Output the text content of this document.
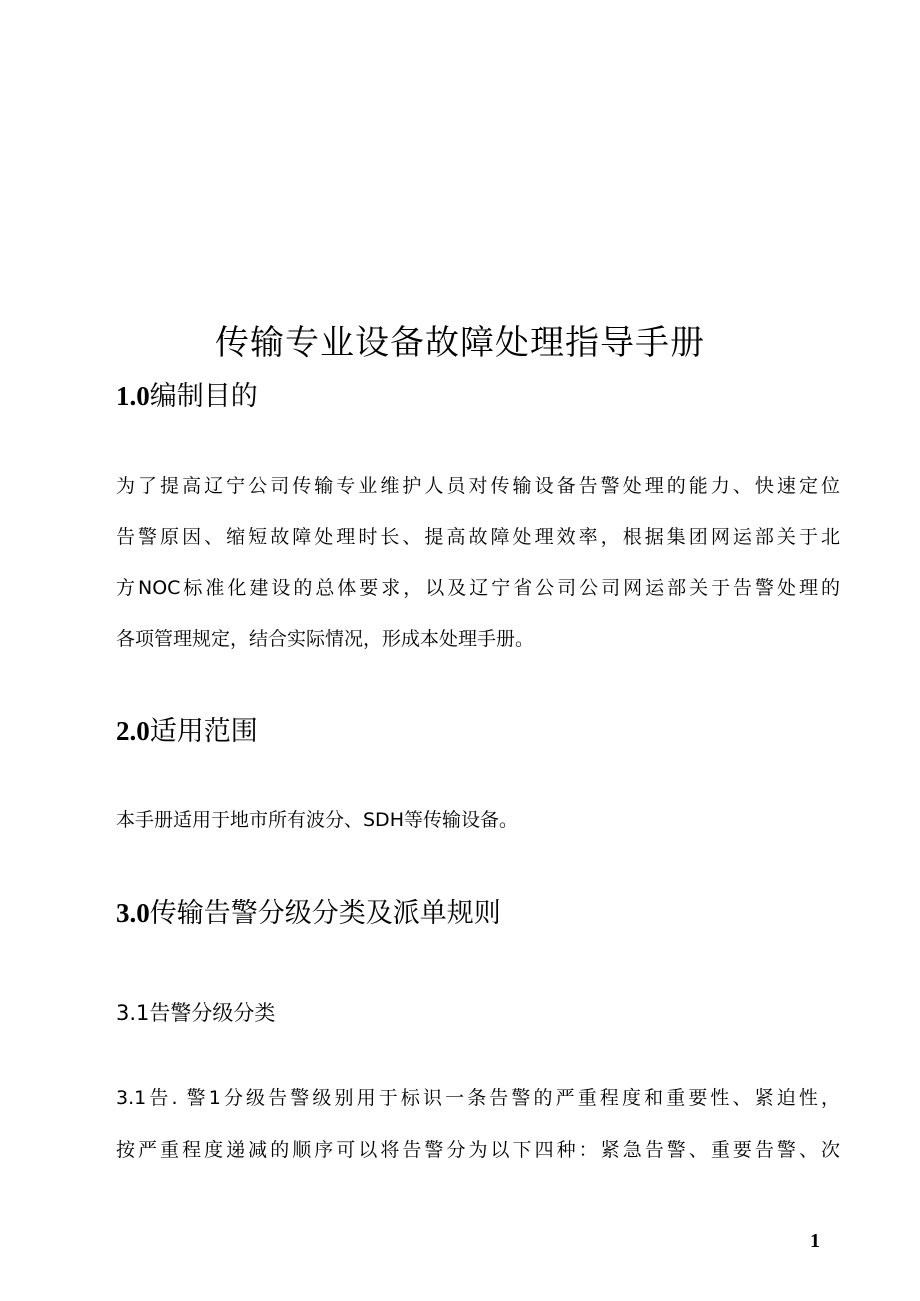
传输专业设备故障处理指导手册
1.0编制目的
为了提高辽宁公司传输专业维护人员对传输设备告警处理的能力、快速定位
告警原因、缩短故障处理时长、提高故障处理效率，根据集团网运部关于北
方NOC标准化建设的总体要求，以及辽宁省公司公司网运部关于告警处理的
各项管理规定，结合实际情况，形成本处理手册。
2.0适用范围
本手册适用于地市所有波分、SDH等传输设备。
3.0传输告警分级分类及派单规则
3.1告警分级分类
3.1告. 警1分级告警级别用于标识一条告警的严重程度和重要性、紧迫性，
按严重程度递减的顺序可以将告警分为以下四种：紧急告警、重要告警、次
1
